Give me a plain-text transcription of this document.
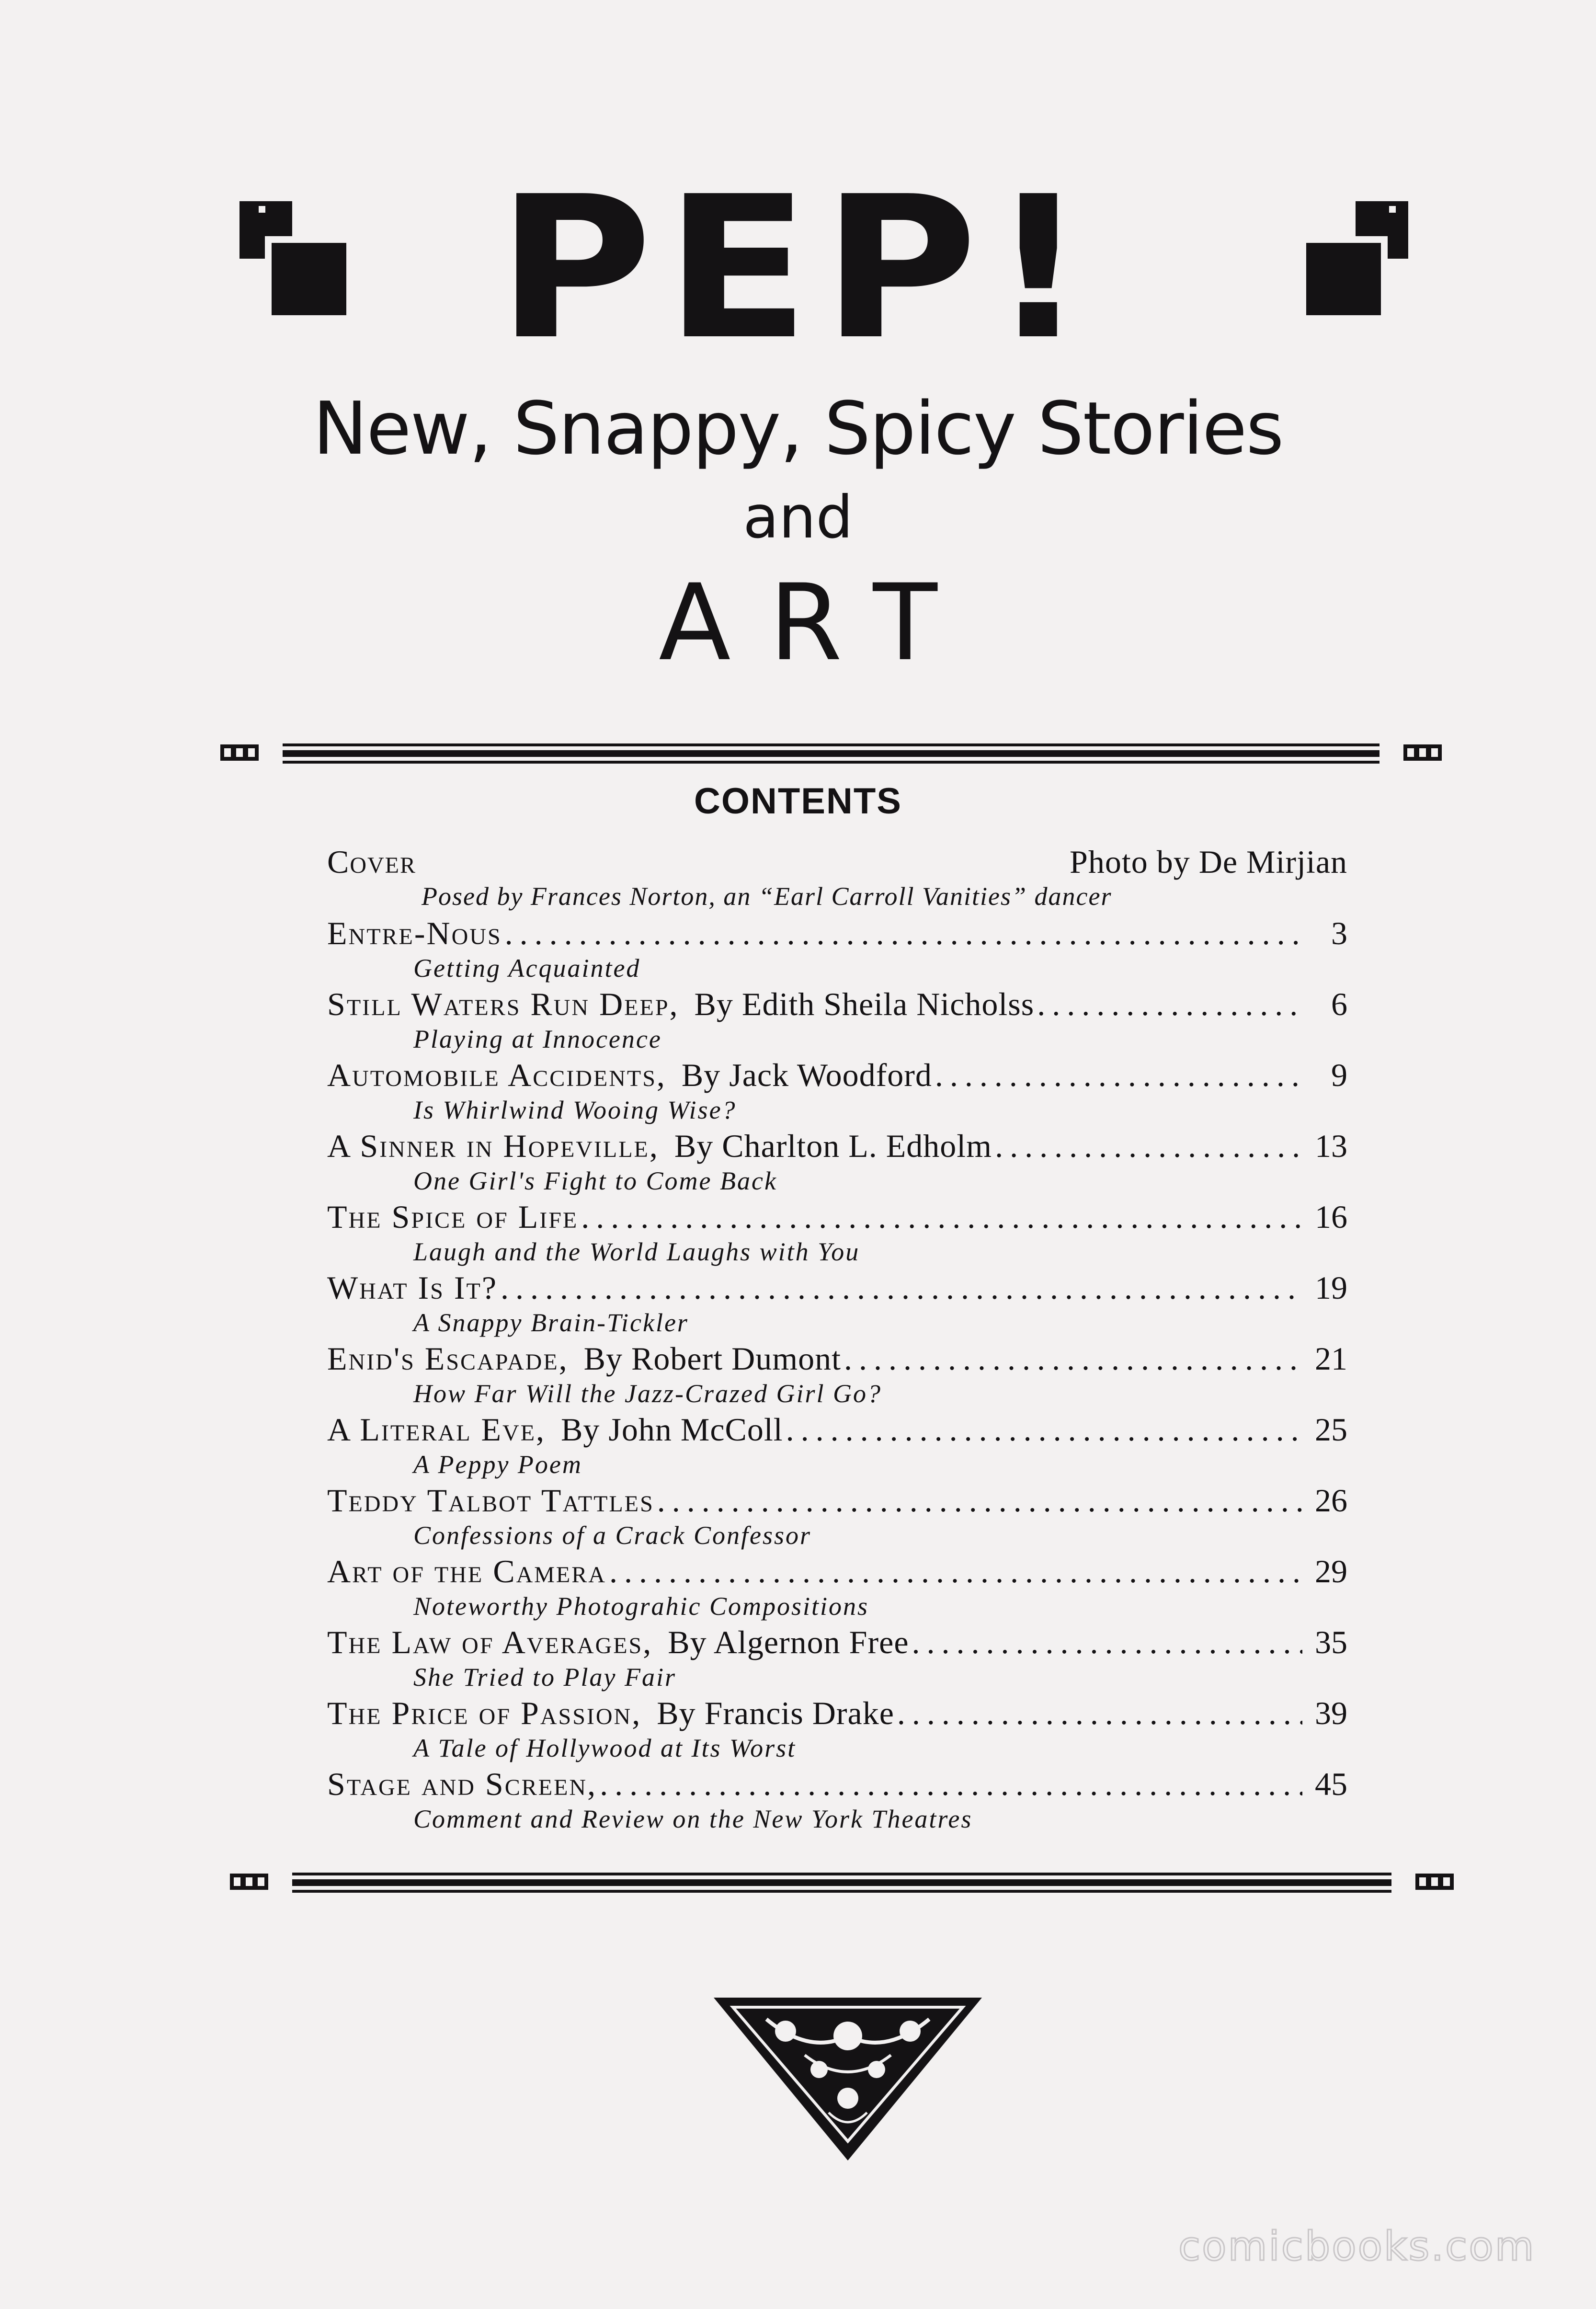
PEP!
New, Snappy, Spicy Stories
and
ART
CONTENTS
Cover	Photo by De Mirjian
Posed by Frances Norton, an “Earl Carroll Vanities” dancer
Entre-Nous .....	3
Getting Acquainted
Still Waters Run Deep, By Edith Sheila Nicholss .....	6
Playing at Innocence
Automobile Accidents, By Jack Woodford .....	9
Is Whirlwind Wooing Wise?
A Sinner in Hopeville, By Charlton L. Edholm .....	13
One Girl's Fight to Come Back
The Spice of Life .....	16
Laugh and the World Laughs with You
What Is It? .....	19
A Snappy Brain-Tickler
Enid's Escapade, By Robert Dumont .....	21
How Far Will the Jazz-Crazed Girl Go?
A Literal Eve, By John McColl .....	25
A Peppy Poem
Teddy Talbot Tattles .....	26
Confessions of a Crack Confessor
Art of the Camera .....	29
Noteworthy Photograhic Compositions
The Law of Averages, By Algernon Free .....	35
She Tried to Play Fair
The Price of Passion, By Francis Drake .....	39
A Tale of Hollywood at Its Worst
Stage and Screen, .....	45
Comment and Review on the New York Theatres
comicbooks.com
